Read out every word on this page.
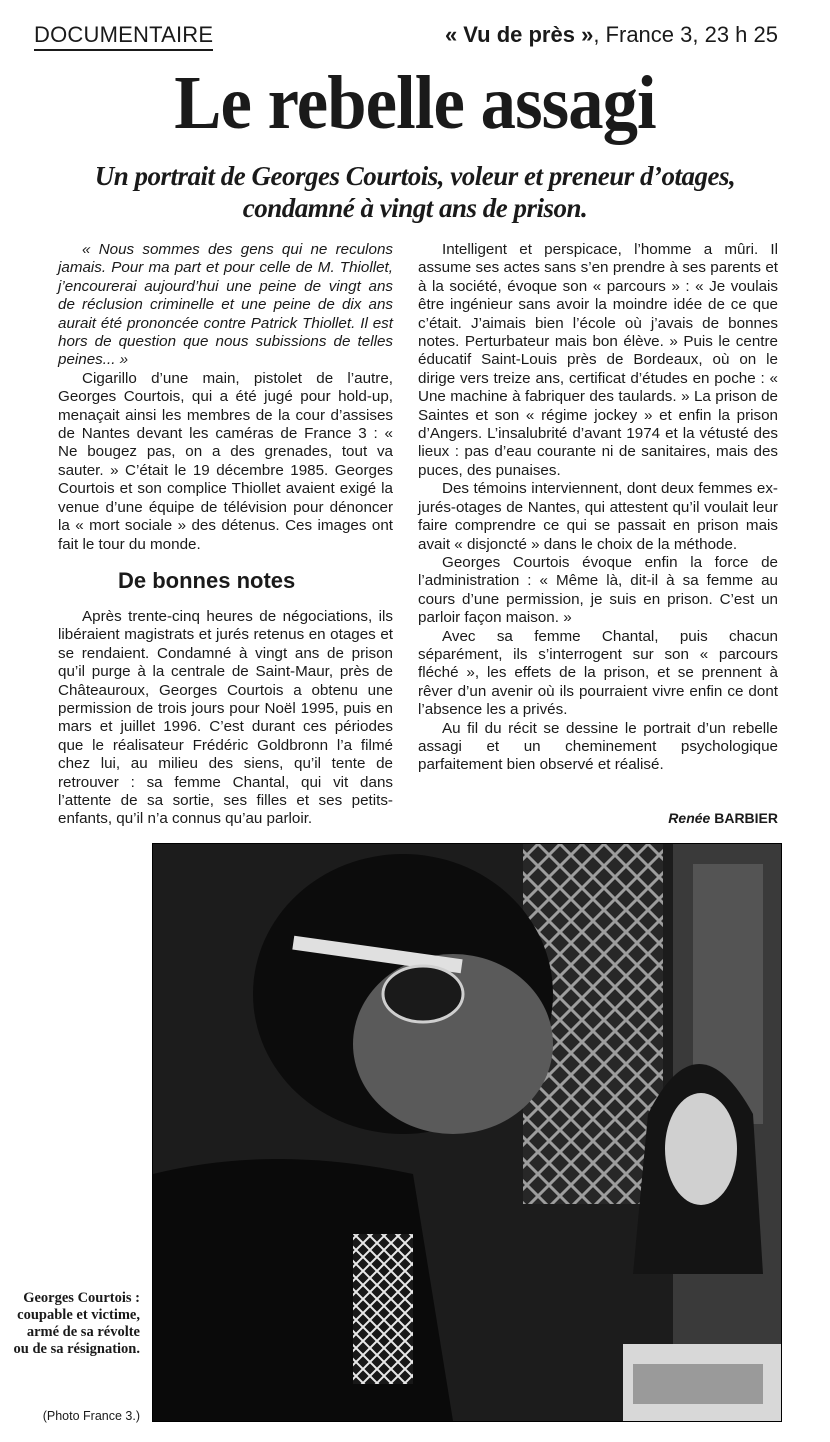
DOCUMENTAIRE	« Vu de près », France 3, 23 h 25
Le rebelle assagi
Un portrait de Georges Courtois, voleur et preneur d’otages, condamné à vingt ans de prison.

« Nous sommes des gens qui ne reculons jamais. Pour ma part et pour celle de M. Thiollet, j’encourerai aujourd’hui une peine de vingt ans de réclusion criminelle et une peine de dix ans aurait été prononcée contre Patrick Thiollet. Il est hors de question que nous subissions de telles peines... »

Cigarillo d’une main, pistolet de l’autre, Georges Courtois, qui a été jugé pour hold-up, menaçait ainsi les membres de la cour d’assises de Nantes devant les caméras de France 3 : « Ne bougez pas, on a des grenades, tout va sauter. » C’était le 19 décembre 1985. Georges Courtois et son complice Thiollet avaient exigé la venue d’une équipe de télévision pour dénoncer la « mort sociale » des détenus. Ces images ont fait le tour du monde.

De bonnes notes

Après trente-cinq heures de négociations, ils libéraient magistrats et jurés retenus en otages et se rendaient. Condamné à vingt ans de prison qu’il purge à la centrale de Saint-Maur, près de Châteauroux, Georges Courtois a obtenu une permission de trois jours pour Noël 1995, puis en mars et juillet 1996. C’est durant ces périodes que le réalisateur Frédéric Goldbronn l’a filmé chez lui, au milieu des siens, qu’il tente de retrouver : sa femme Chantal, qui vit dans l’attente de sa sortie, ses filles et ses petits-enfants, qu’il n’a connus qu’au parloir.

Intelligent et perspicace, l’homme a mûri. Il assume ses actes sans s’en prendre à ses parents et à la société, évoque son « parcours » : « Je voulais être ingénieur sans avoir la moindre idée de ce que c’était. J’aimais bien l’école où j’avais de bonnes notes. Perturbateur mais bon élève. » Puis le centre éducatif Saint-Louis près de Bordeaux, où on le dirige vers treize ans, certificat d’études en poche : « Une machine à fabriquer des taulards. » La prison de Saintes et son « régime jockey » et enfin la prison d’Angers. L’insalubrité d’avant 1974 et la vétusté des lieux : pas d’eau courante ni de sanitaires, mais des puces, des punaises.

Des témoins interviennent, dont deux femmes ex-jurés-otages de Nantes, qui attestent qu’il voulait leur faire comprendre ce qui se passait en prison mais avait « disjoncté » dans le choix de la méthode.

Georges Courtois évoque enfin la force de l’administration : « Même là, dit-il à sa femme au cours d’une permission, je suis en prison. C’est un parloir façon maison. »

Avec sa femme Chantal, puis chacun séparément, ils s’interrogent sur son « parcours fléché », les effets de la prison, et se prennent à rêver d’un avenir où ils pourraient vivre enfin ce dont l’absence les a privés.

Au fil du récit se dessine le portrait d’un rebelle assagi et un cheminement psychologique parfaitement bien observé et réalisé.

Renée BARBIER
Georges Courtois : coupable et victime, armé de sa révolte ou de sa résignation.
(Photo France 3.)
